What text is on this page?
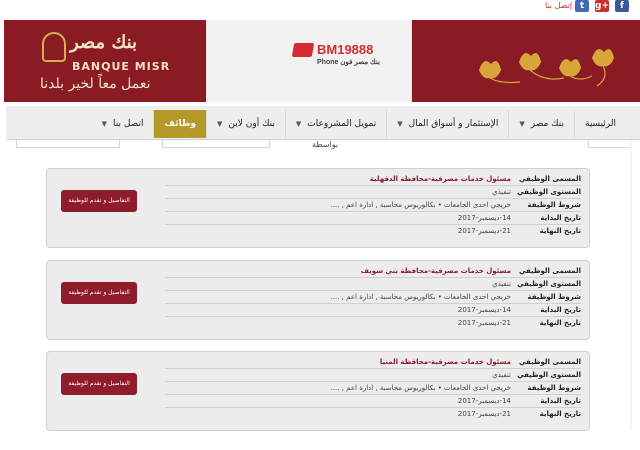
إتصل بنا t	g+	f
بنك مصر
BANQUE MISR
نعمل معاً لخير بلدنا
BM19888
Phone بنك مصر فون
الرئيسية
بنك مصر▼
الإستثمار و أسواق المال▼
تمويل المشروعات▼
بنك أون لاين▼
وظائف
اتصل بنا▼
بواسطة
التفاصيل و تقدم للوظيفة
المسمى الوظيفي
مسئول خدمات مصرفية-محافظة الدقهلية
المستوى الوظيفي
تنفيذي
شروط الوظيفة
خريجي احدى الجامعات • بكالوريوس محاسبة , ادارة اعم , ....
تاريخ البداية
14-ديسمبر-2017
تاريخ النهاية
21-ديسمبر-2017
التفاصيل و تقدم للوظيفة
المسمى الوظيفي
مسئول خدمات مصرفية-محافظة بني سويف
المستوى الوظيفي
تنفيذي
شروط الوظيفة
خريجي احدى الجامعات • بكالوريوس محاسبة , ادارة اعم , ....
تاريخ البداية
14-ديسمبر-2017
تاريخ النهاية
21-ديسمبر-2017
التفاصيل و تقدم للوظيفة
المسمى الوظيفي
مسئول خدمات مصرفية-محافظة المنيا
المستوى الوظيفي
تنفيذي
شروط الوظيفة
خريجي احدى الجامعات • بكالوريوس محاسبة , ادارة اعم , ....
تاريخ البداية
14-ديسمبر-2017
تاريخ النهاية
21-ديسمبر-2017
